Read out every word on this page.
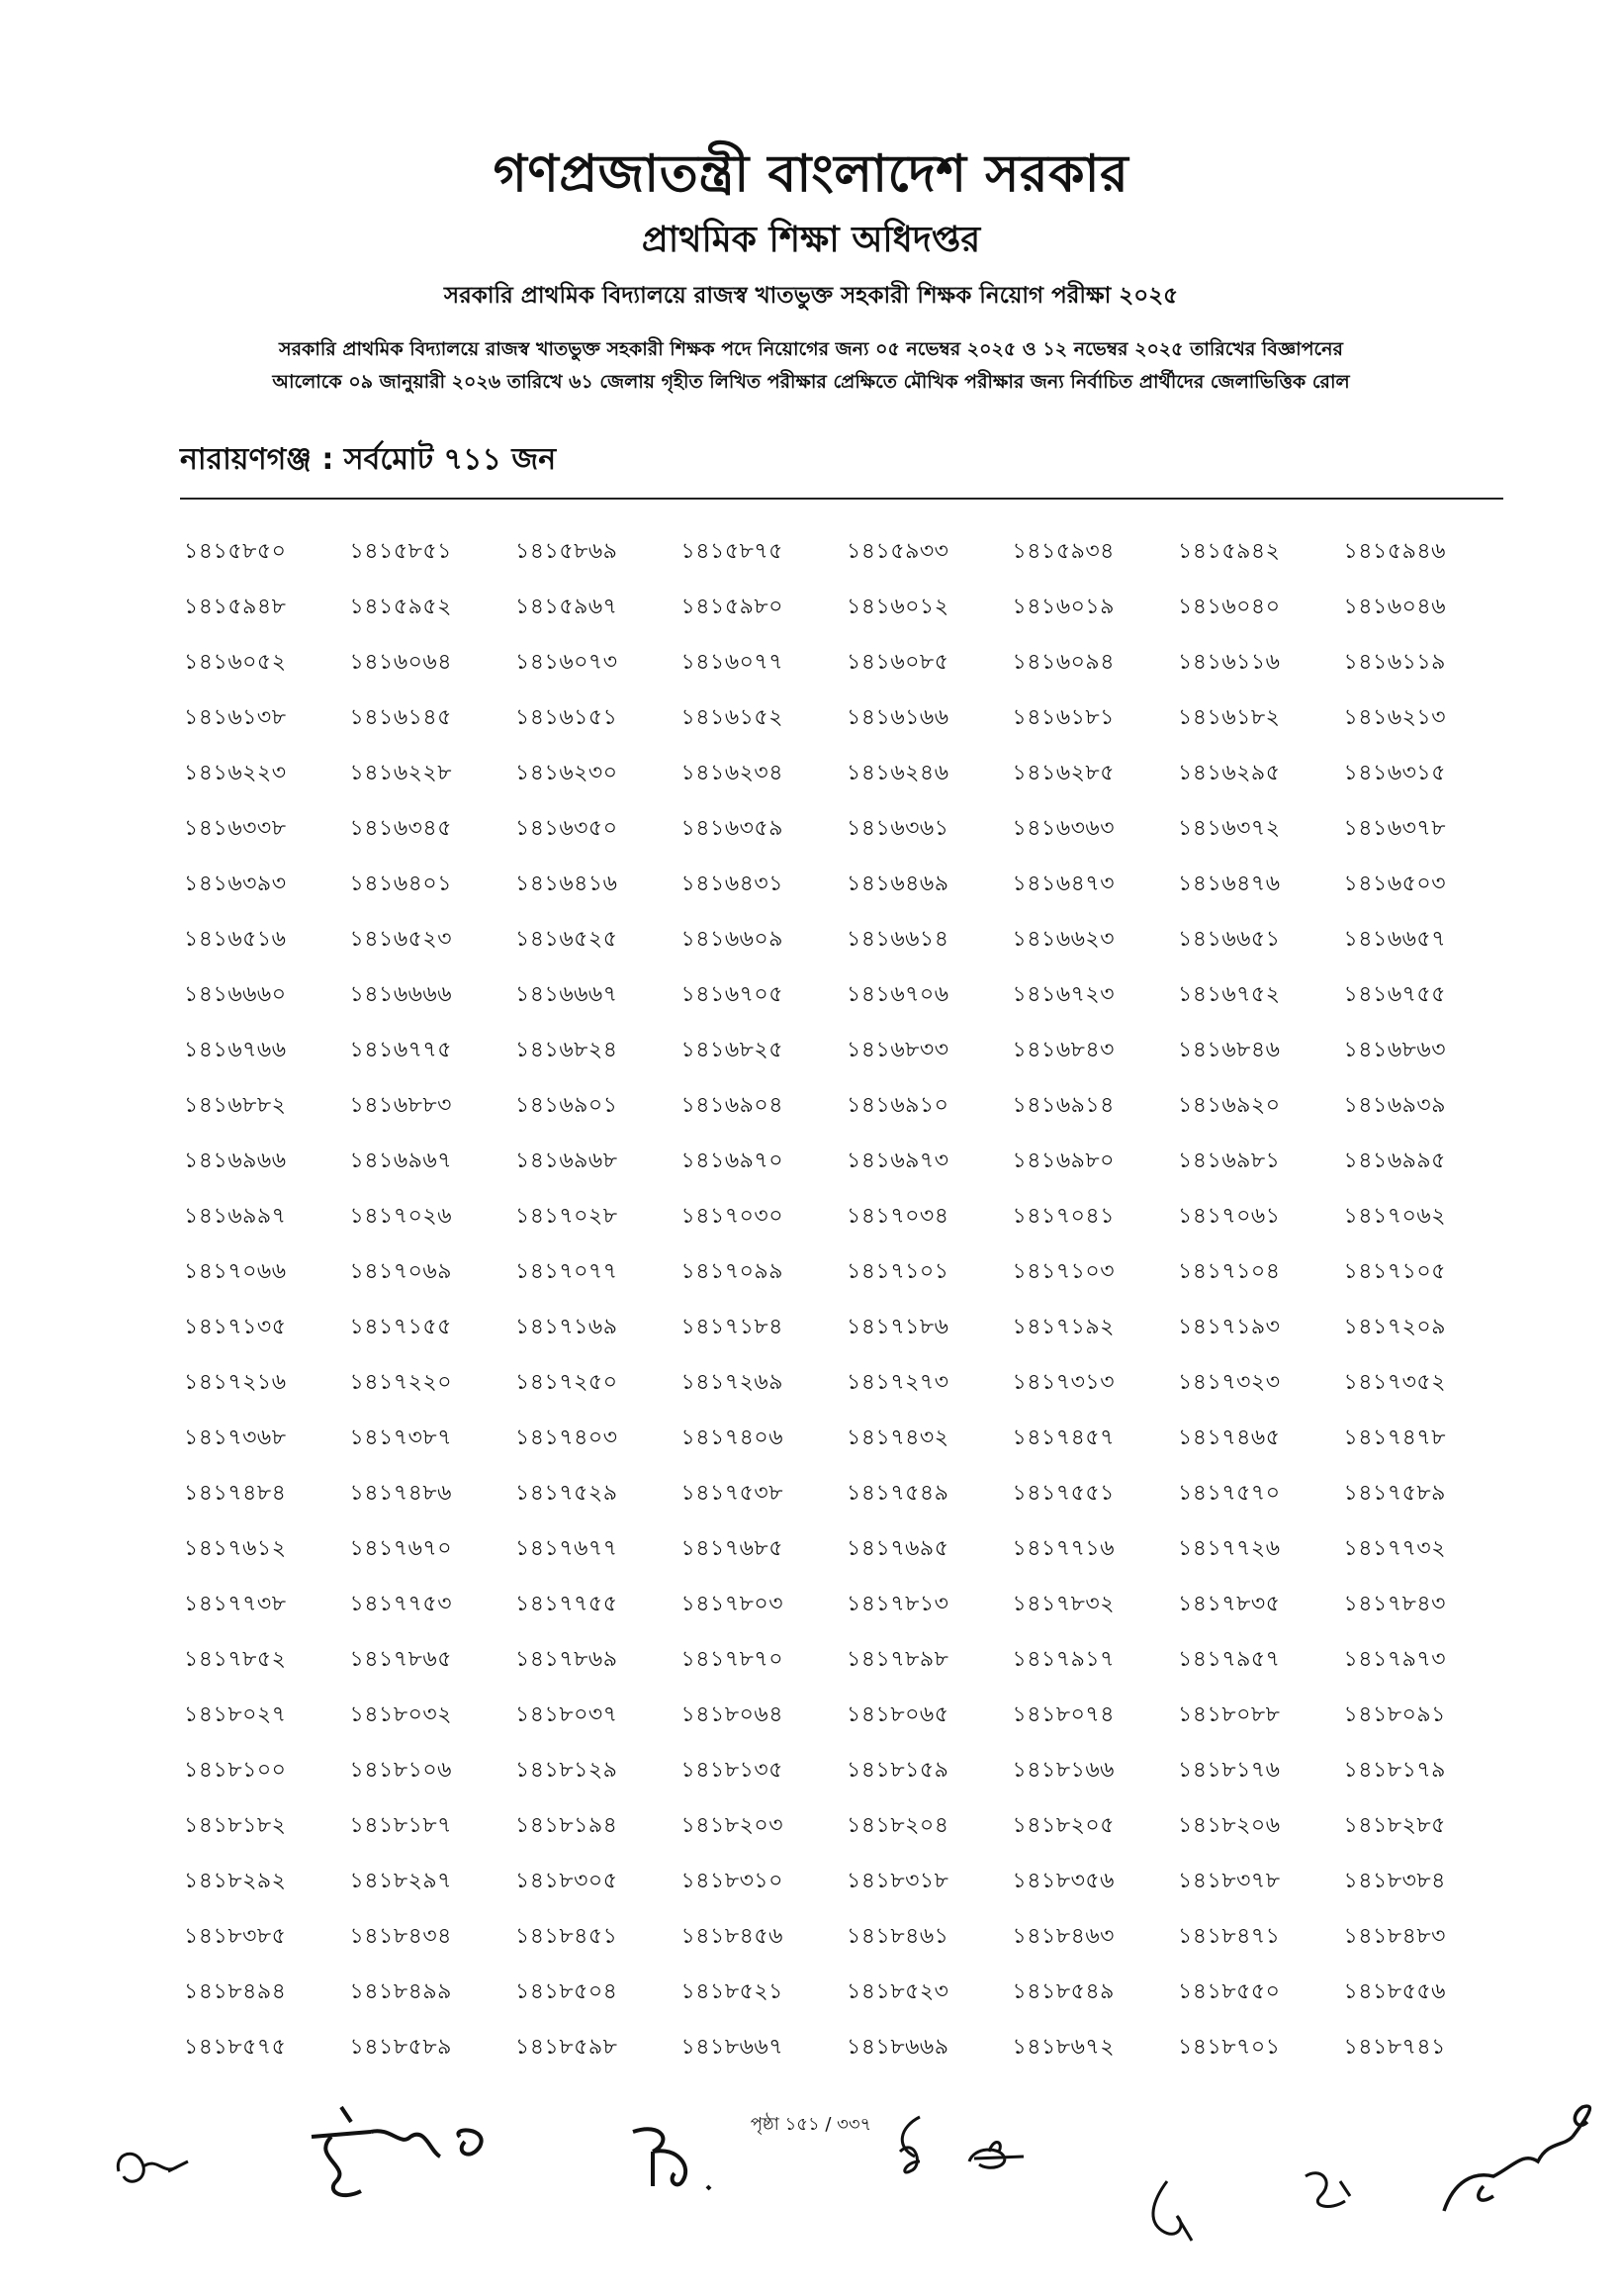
গণপ্রজাতন্ত্রী বাংলাদেশ সরকার
প্রাথমিক শিক্ষা অধিদপ্তর
সরকারি প্রাথমিক বিদ্যালয়ে রাজস্ব খাতভুক্ত সহকারী শিক্ষক নিয়োগ পরীক্ষা ২০২৫
সরকারি প্রাথমিক বিদ্যালয়ে রাজস্ব খাতভুক্ত সহকারী শিক্ষক পদে নিয়োগের জন্য ০৫ নভেম্বর ২০২৫ ও ১২ নভেম্বর ২০২৫ তারিখের বিজ্ঞাপনের
আলোকে ০৯ জানুয়ারী ২০২৬ তারিখে ৬১ জেলায় গৃহীত লিখিত পরীক্ষার প্রেক্ষিতে মৌখিক পরীক্ষার জন্য নির্বাচিত প্রার্থীদের জেলাভিত্তিক রোল
নারায়ণগঞ্জ : সর্বমোট ৭১১ জন
১৪১৫৮৫০	১৪১৫৮৫১	১৪১৫৮৬৯	১৪১৫৮৭৫	১৪১৫৯৩৩	১৪১৫৯৩৪	১৪১৫৯৪২	১৪১৫৯৪৬
১৪১৫৯৪৮	১৪১৫৯৫২	১৪১৫৯৬৭	১৪১৫৯৮০	১৪১৬০১২	১৪১৬০১৯	১৪১৬০৪০	১৪১৬০৪৬
১৪১৬০৫২	১৪১৬০৬৪	১৪১৬০৭৩	১৪১৬০৭৭	১৪১৬০৮৫	১৪১৬০৯৪	১৪১৬১১৬	১৪১৬১১৯
১৪১৬১৩৮	১৪১৬১৪৫	১৪১৬১৫১	১৪১৬১৫২	১৪১৬১৬৬	১৪১৬১৮১	১৪১৬১৮২	১৪১৬২১৩
১৪১৬২২৩	১৪১৬২২৮	১৪১৬২৩০	১৪১৬২৩৪	১৪১৬২৪৬	১৪১৬২৮৫	১৪১৬২৯৫	১৪১৬৩১৫
১৪১৬৩৩৮	১৪১৬৩৪৫	১৪১৬৩৫০	১৪১৬৩৫৯	১৪১৬৩৬১	১৪১৬৩৬৩	১৪১৬৩৭২	১৪১৬৩৭৮
১৪১৬৩৯৩	১৪১৬৪০১	১৪১৬৪১৬	১৪১৬৪৩১	১৪১৬৪৬৯	১৪১৬৪৭৩	১৪১৬৪৭৬	১৪১৬৫০৩
১৪১৬৫১৬	১৪১৬৫২৩	১৪১৬৫২৫	১৪১৬৬০৯	১৪১৬৬১৪	১৪১৬৬২৩	১৪১৬৬৫১	১৪১৬৬৫৭
১৪১৬৬৬০	১৪১৬৬৬৬	১৪১৬৬৬৭	১৪১৬৭০৫	১৪১৬৭০৬	১৪১৬৭২৩	১৪১৬৭৫২	১৪১৬৭৫৫
১৪১৬৭৬৬	১৪১৬৭৭৫	১৪১৬৮২৪	১৪১৬৮২৫	১৪১৬৮৩৩	১৪১৬৮৪৩	১৪১৬৮৪৬	১৪১৬৮৬৩
১৪১৬৮৮২	১৪১৬৮৮৩	১৪১৬৯০১	১৪১৬৯০৪	১৪১৬৯১০	১৪১৬৯১৪	১৪১৬৯২০	১৪১৬৯৩৯
১৪১৬৯৬৬	১৪১৬৯৬৭	১৪১৬৯৬৮	১৪১৬৯৭০	১৪১৬৯৭৩	১৪১৬৯৮০	১৪১৬৯৮১	১৪১৬৯৯৫
১৪১৬৯৯৭	১৪১৭০২৬	১৪১৭০২৮	১৪১৭০৩০	১৪১৭০৩৪	১৪১৭০৪১	১৪১৭০৬১	১৪১৭০৬২
১৪১৭০৬৬	১৪১৭০৬৯	১৪১৭০৭৭	১৪১৭০৯৯	১৪১৭১০১	১৪১৭১০৩	১৪১৭১০৪	১৪১৭১০৫
১৪১৭১৩৫	১৪১৭১৫৫	১৪১৭১৬৯	১৪১৭১৮৪	১৪১৭১৮৬	১৪১৭১৯২	১৪১৭১৯৩	১৪১৭২০৯
১৪১৭২১৬	১৪১৭২২০	১৪১৭২৫০	১৪১৭২৬৯	১৪১৭২৭৩	১৪১৭৩১৩	১৪১৭৩২৩	১৪১৭৩৫২
১৪১৭৩৬৮	১৪১৭৩৮৭	১৪১৭৪০৩	১৪১৭৪০৬	১৪১৭৪৩২	১৪১৭৪৫৭	১৪১৭৪৬৫	১৪১৭৪৭৮
১৪১৭৪৮৪	১৪১৭৪৮৬	১৪১৭৫২৯	১৪১৭৫৩৮	১৪১৭৫৪৯	১৪১৭৫৫১	১৪১৭৫৭০	১৪১৭৫৮৯
১৪১৭৬১২	১৪১৭৬৭০	১৪১৭৬৭৭	১৪১৭৬৮৫	১৪১৭৬৯৫	১৪১৭৭১৬	১৪১৭৭২৬	১৪১৭৭৩২
১৪১৭৭৩৮	১৪১৭৭৫৩	১৪১৭৭৫৫	১৪১৭৮০৩	১৪১৭৮১৩	১৪১৭৮৩২	১৪১৭৮৩৫	১৪১৭৮৪৩
১৪১৭৮৫২	১৪১৭৮৬৫	১৪১৭৮৬৯	১৪১৭৮৭০	১৪১৭৮৯৮	১৪১৭৯১৭	১৪১৭৯৫৭	১৪১৭৯৭৩
১৪১৮০২৭	১৪১৮০৩২	১৪১৮০৩৭	১৪১৮০৬৪	১৪১৮০৬৫	১৪১৮০৭৪	১৪১৮০৮৮	১৪১৮০৯১
১৪১৮১০০	১৪১৮১০৬	১৪১৮১২৯	১৪১৮১৩৫	১৪১৮১৫৯	১৪১৮১৬৬	১৪১৮১৭৬	১৪১৮১৭৯
১৪১৮১৮২	১৪১৮১৮৭	১৪১৮১৯৪	১৪১৮২০৩	১৪১৮২০৪	১৪১৮২০৫	১৪১৮২০৬	১৪১৮২৮৫
১৪১৮২৯২	১৪১৮২৯৭	১৪১৮৩০৫	১৪১৮৩১০	১৪১৮৩১৮	১৪১৮৩৫৬	১৪১৮৩৭৮	১৪১৮৩৮৪
১৪১৮৩৮৫	১৪১৮৪৩৪	১৪১৮৪৫১	১৪১৮৪৫৬	১৪১৮৪৬১	১৪১৮৪৬৩	১৪১৮৪৭১	১৪১৮৪৮৩
১৪১৮৪৯৪	১৪১৮৪৯৯	১৪১৮৫০৪	১৪১৮৫২১	১৪১৮৫২৩	১৪১৮৫৪৯	১৪১৮৫৫০	১৪১৮৫৫৬
১৪১৮৫৭৫	১৪১৮৫৮৯	১৪১৮৫৯৮	১৪১৮৬৬৭	১৪১৮৬৬৯	১৪১৮৬৭২	১৪১৮৭০১	১৪১৮৭৪১
পৃষ্ঠা ১৫১ / ৩৩৭
